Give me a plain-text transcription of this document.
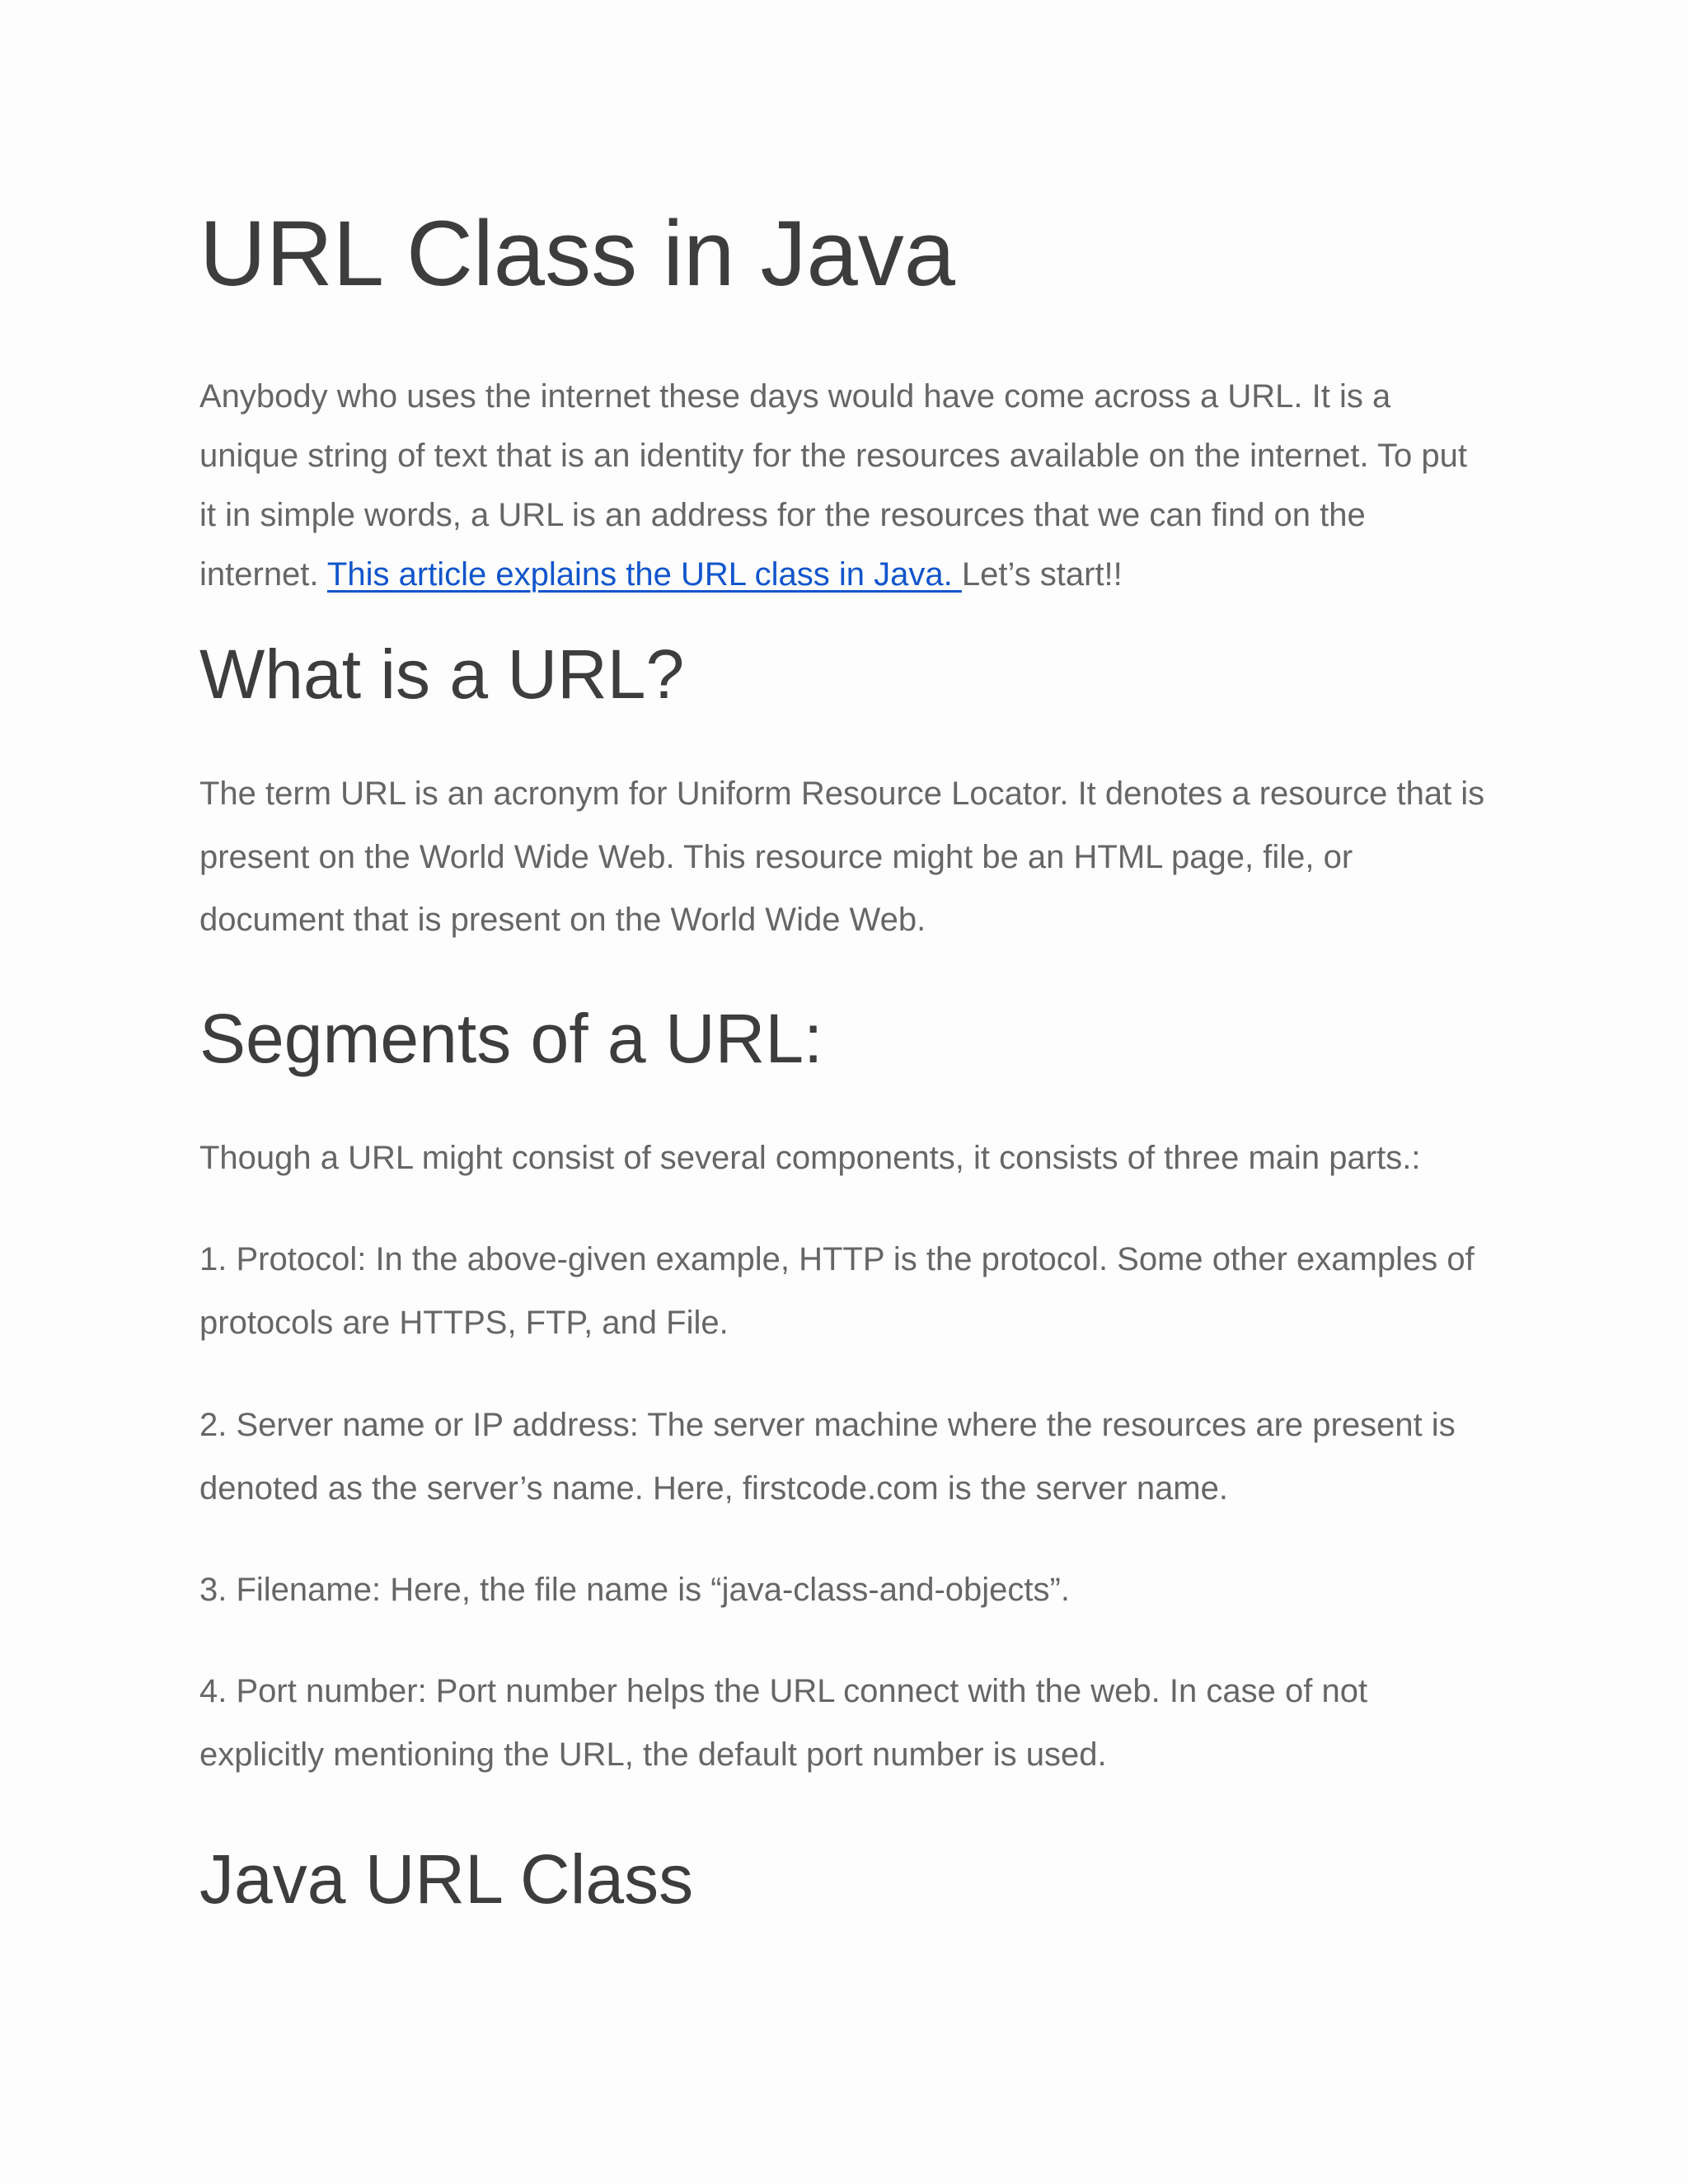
URL Class in Java

Anybody who uses the internet these days would have come across a URL. It is a unique string of text that is an identity for the resources available on the internet. To put it in simple words, a URL is an address for the resources that we can find on the internet. This article explains the URL class in Java. Let’s start!!

What is a URL?

The term URL is an acronym for Uniform Resource Locator. It denotes a resource that is present on the World Wide Web. This resource might be an HTML page, file, or document that is present on the World Wide Web.

Segments of a URL:

Though a URL might consist of several components, it consists of three main parts.:

1. Protocol: In the above-given example, HTTP is the protocol. Some other examples of protocols are HTTPS, FTP, and File.

2. Server name or IP address: The server machine where the resources are present is denoted as the server’s name. Here, firstcode.com is the server name.

3. Filename: Here, the file name is “java-class-and-objects”.

4. Port number: Port number helps the URL connect with the web. In case of not explicitly mentioning the URL, the default port number is used.

Java URL Class
